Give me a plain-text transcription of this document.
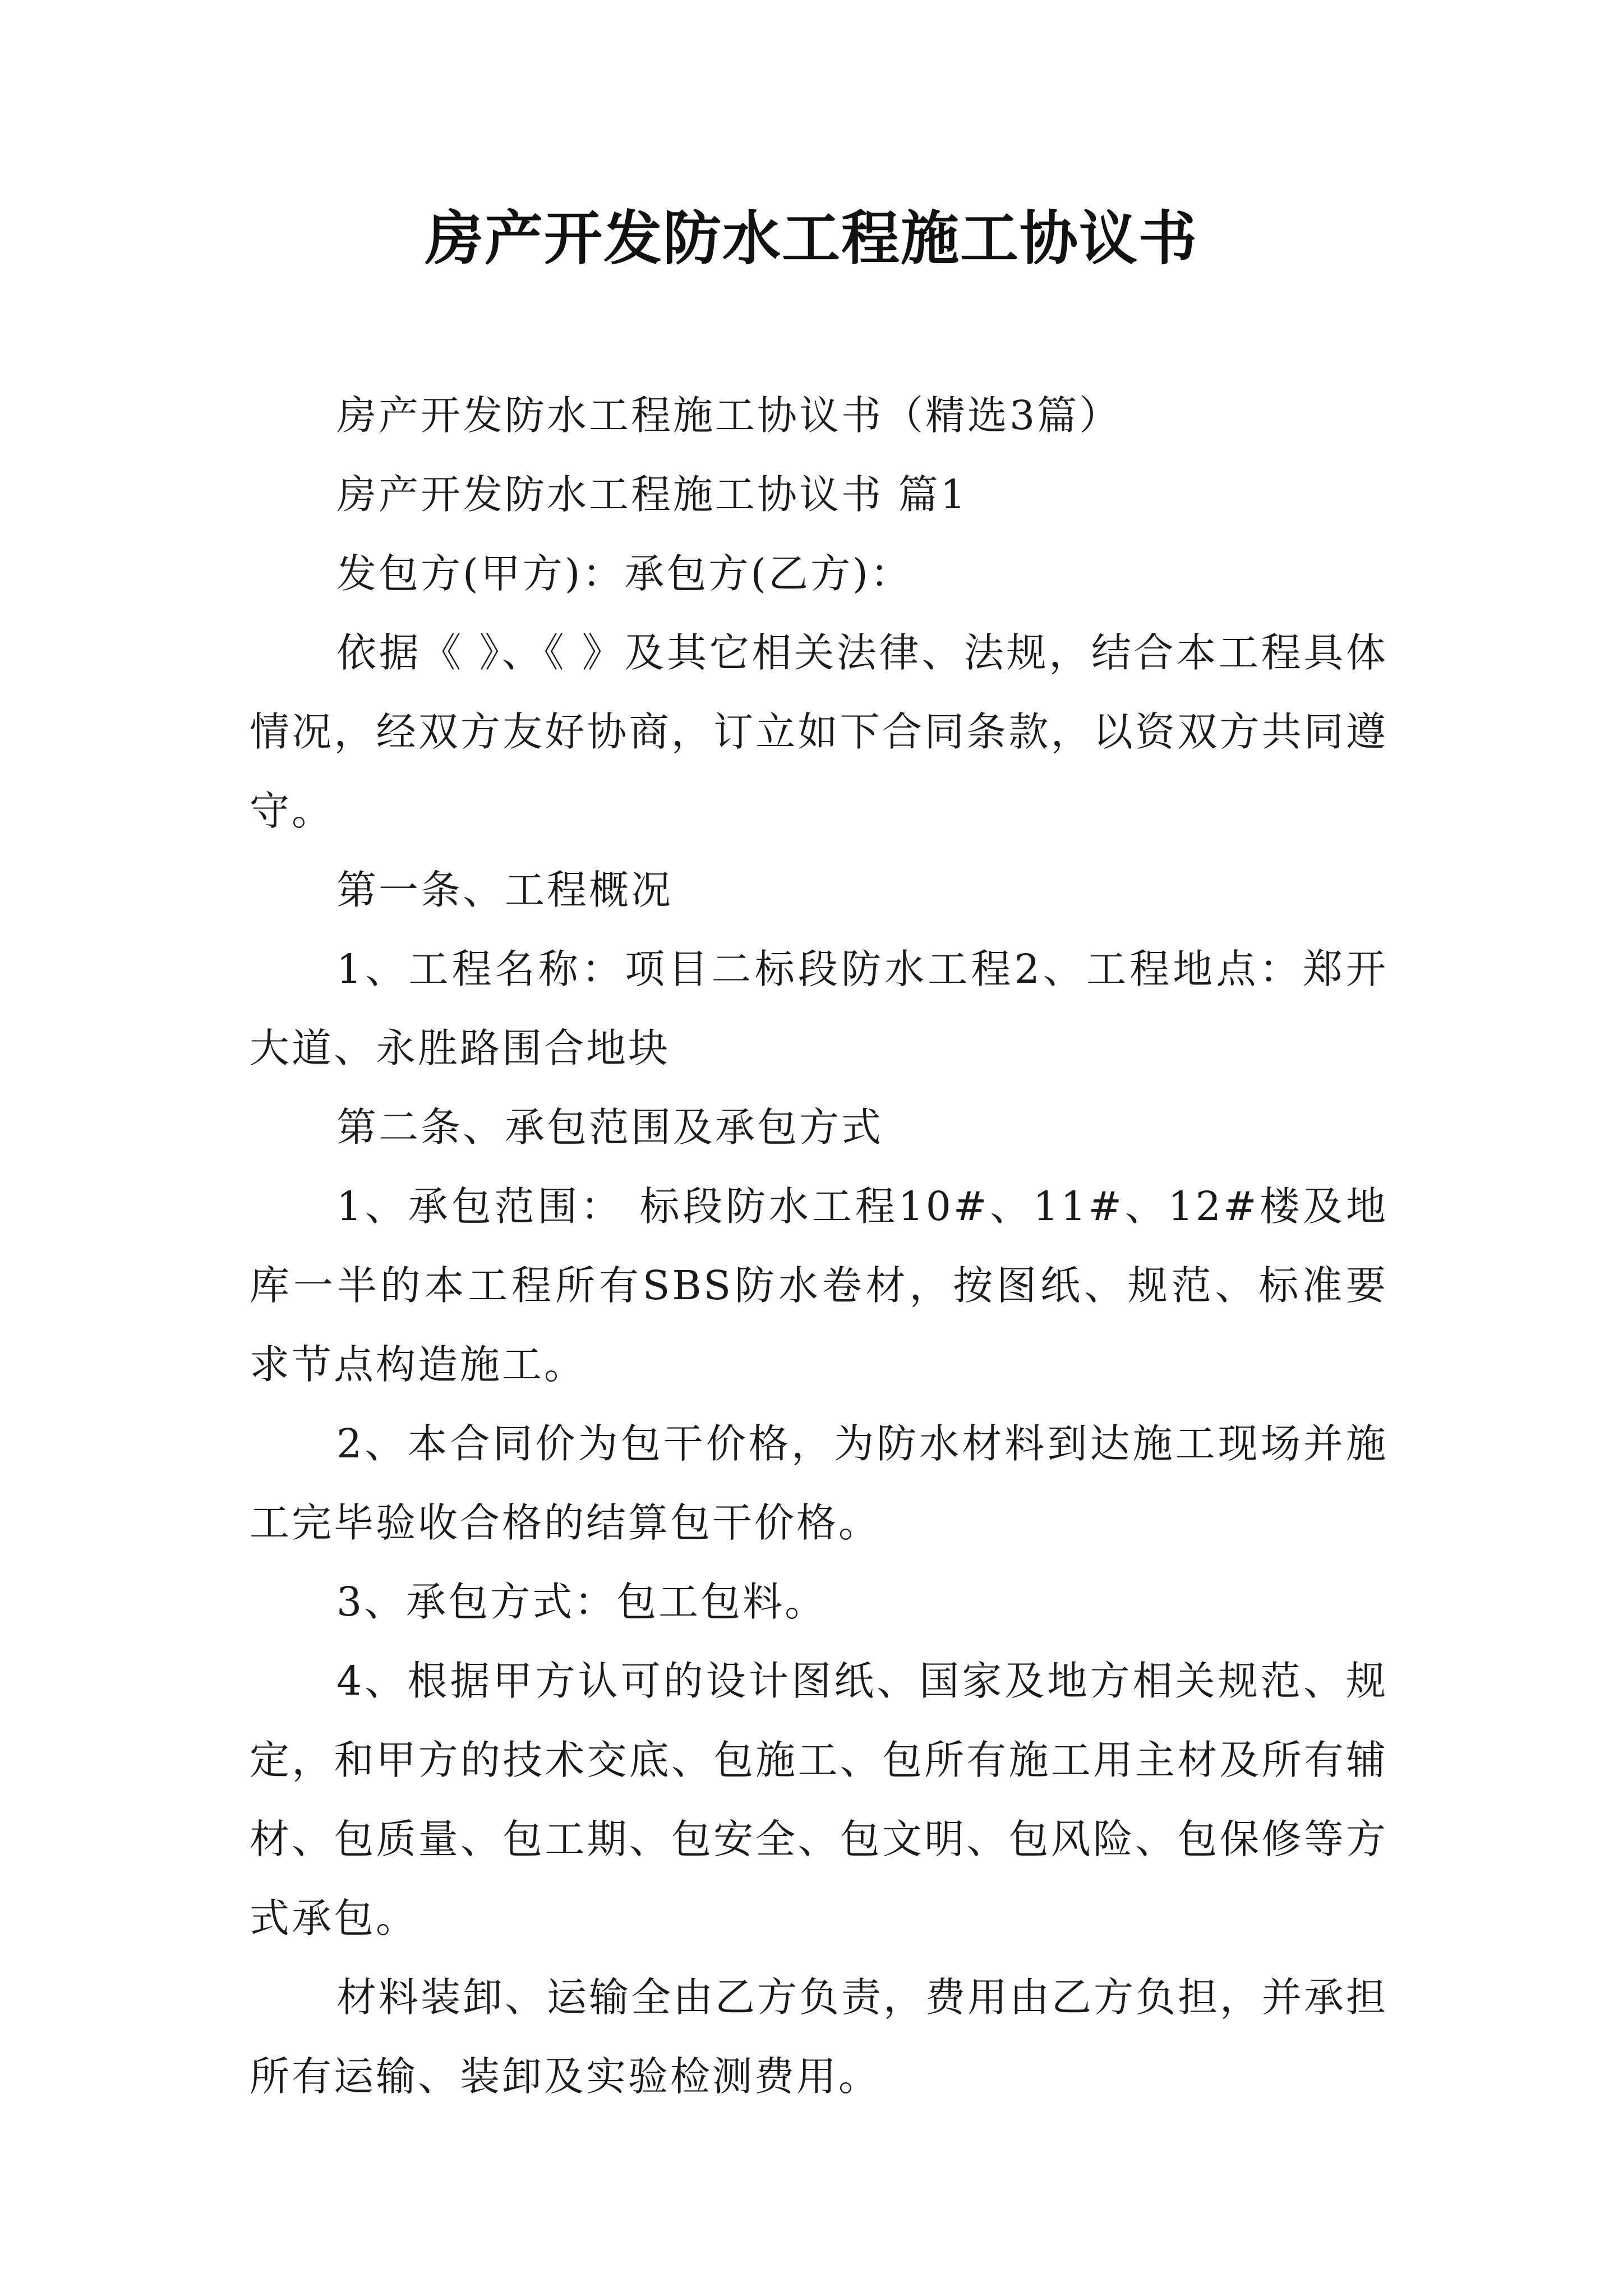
房产开发防水工程施工协议书

房产开发防水工程施工协议书（精选3篇）

房产开发防水工程施工协议书 篇1

发包方(甲方)：承包方(乙方)：

依据《 》、《 》及其它相关法律、法规，结合本工程具体情况，经双方友好协商，订立如下合同条款，以资双方共同遵守。

第一条、工程概况

1、工程名称：项目二标段防水工程2、工程地点：郑开大道、永胜路围合地块

第二条、承包范围及承包方式

1、承包范围： 标段防水工程10#、11#、12#楼及地库一半的本工程所有SBS防水卷材，按图纸、规范、标准要求节点构造施工。

2、本合同价为包干价格，为防水材料到达施工现场并施工完毕验收合格的结算包干价格。

3、承包方式：包工包料。

4、根据甲方认可的设计图纸、国家及地方相关规范、规定，和甲方的技术交底、包施工、包所有施工用主材及所有辅材、包质量、包工期、包安全、包文明、包风险、包保修等方式承包。

材料装卸、运输全由乙方负责，费用由乙方负担，并承担所有运输、装卸及实验检测费用。
